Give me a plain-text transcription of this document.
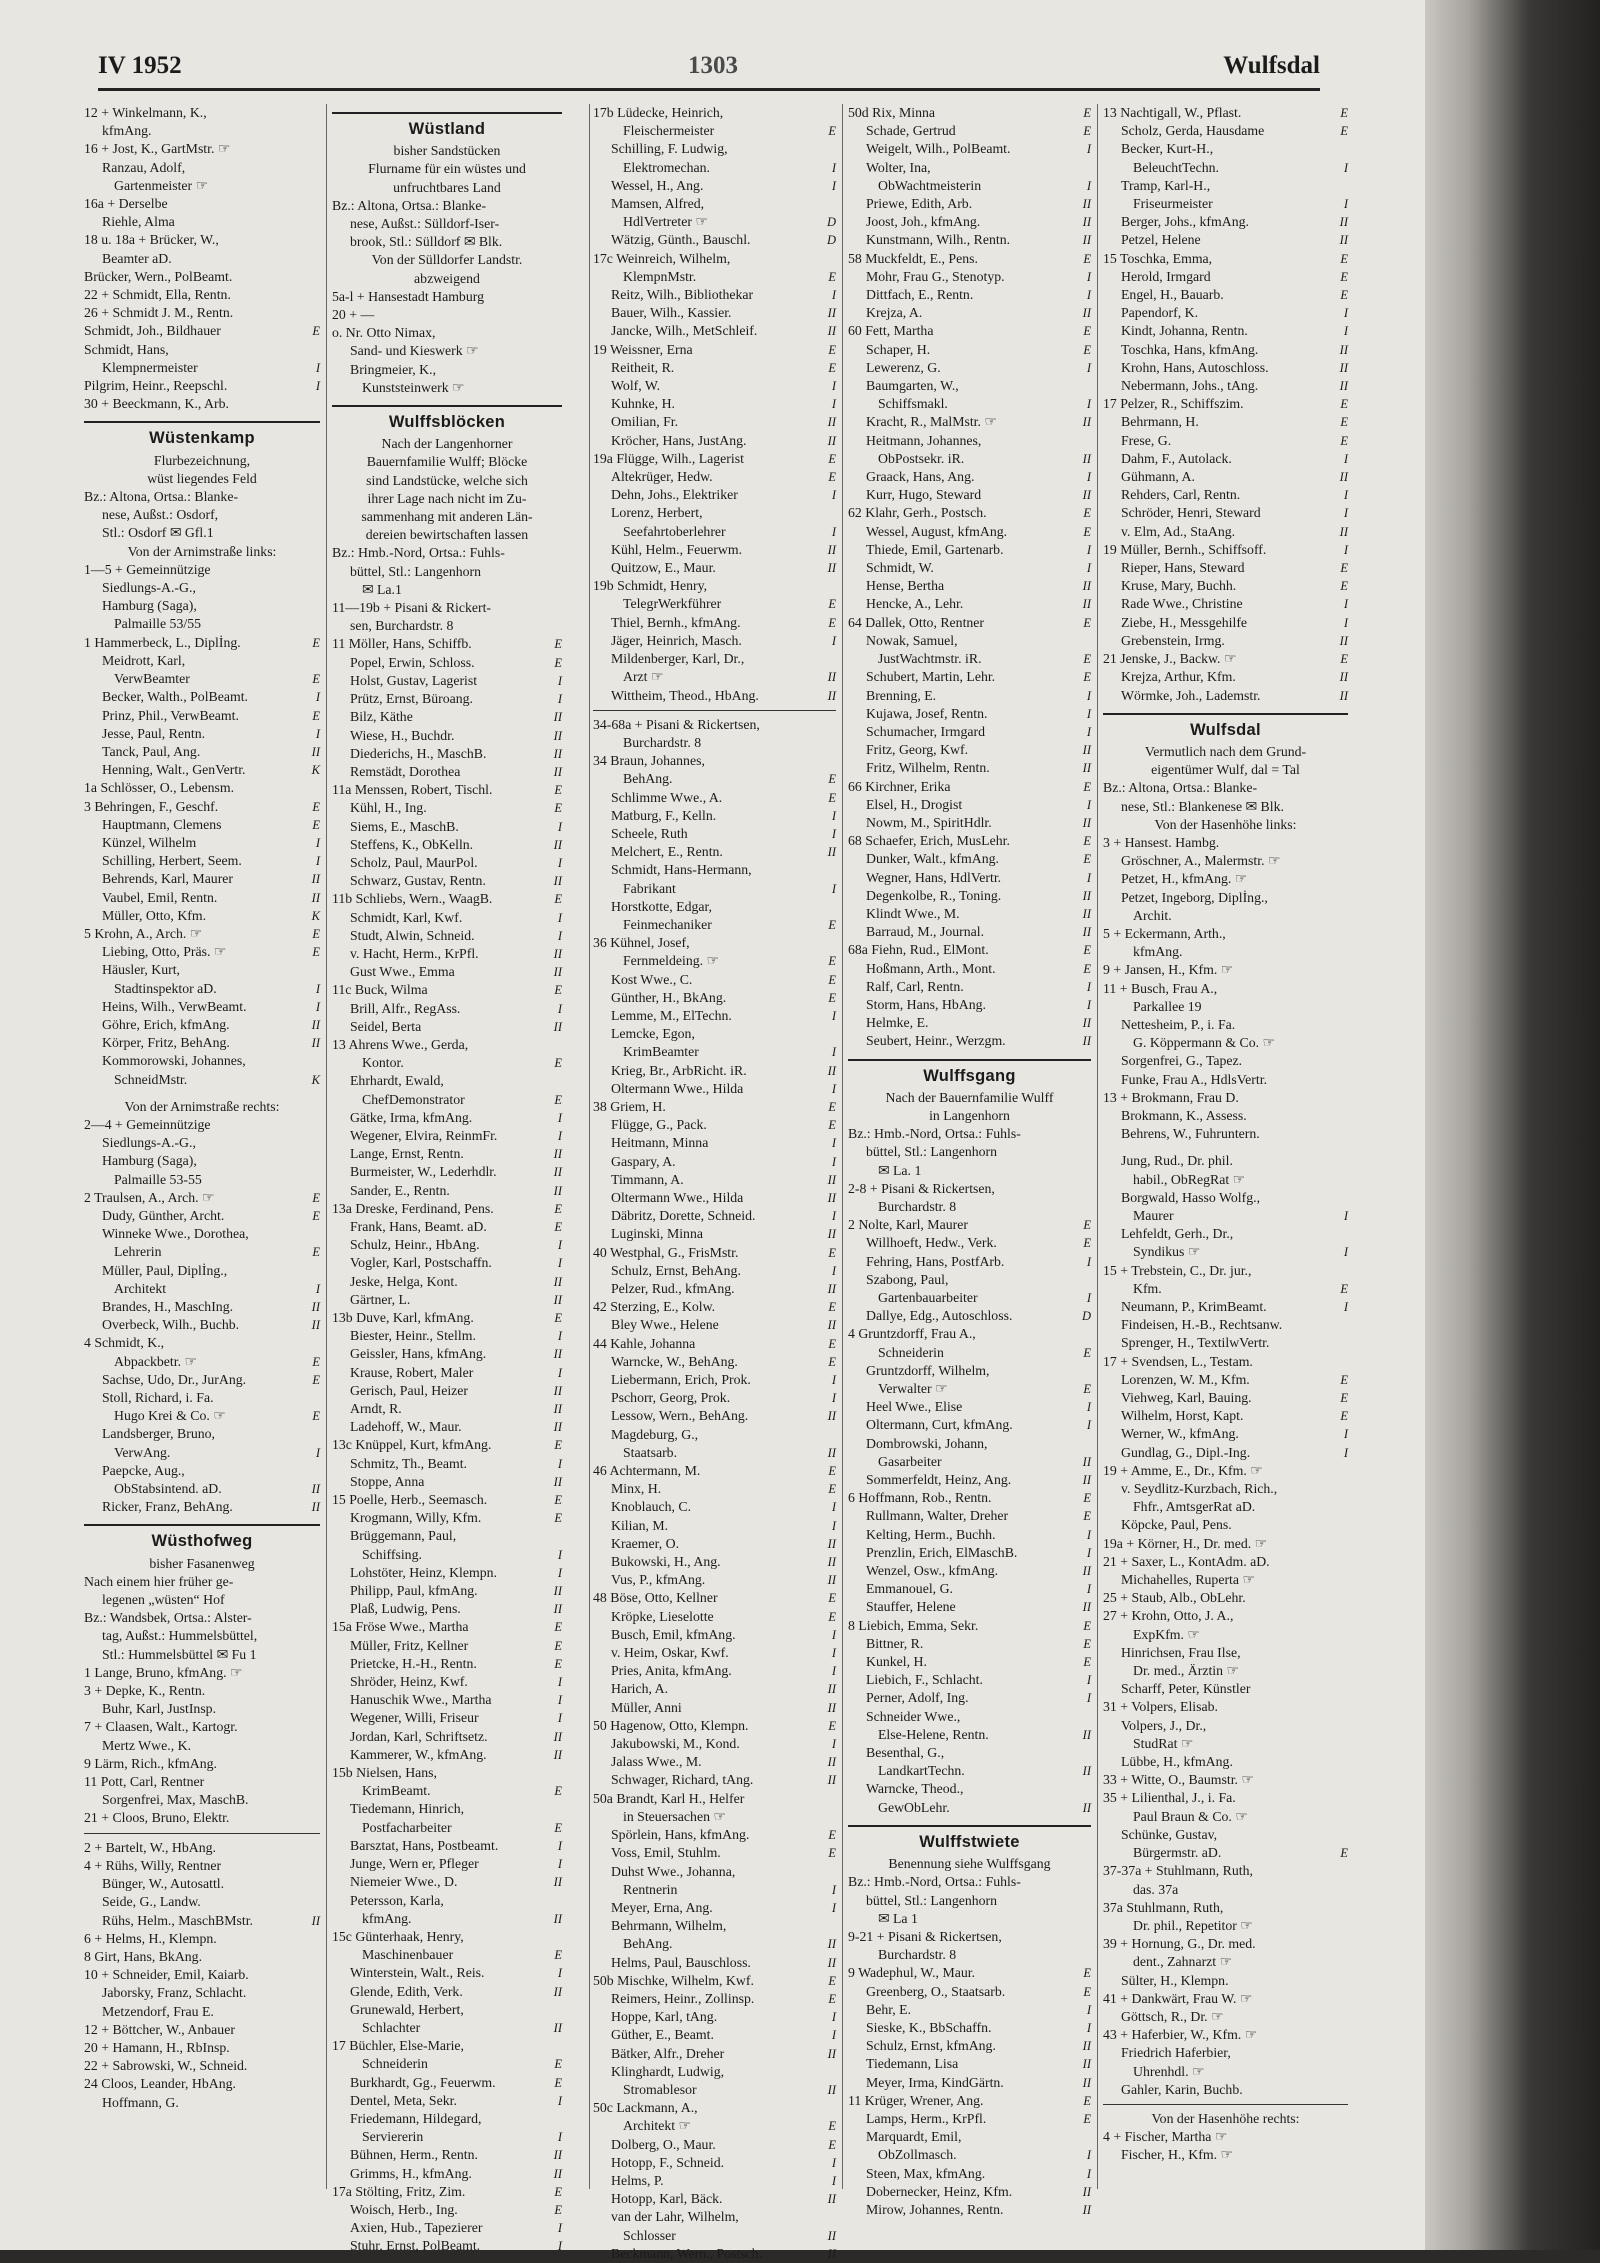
IV 1952	1303	Wulfsdal
12 + Winkelmann, K.,
kfmAng.
16 + Jost, K., GartMstr. ☞
Ranzau, Adolf,
Gartenmeister ☞
16a + Derselbe
Riehle, Alma
18 u. 18a + Brücker, W.,
Beamter aD.
Brücker, Wern., PolBeamt.
22 + Schmidt, Ella, Rentn.
26 + Schmidt J. M., Rentn.
Schmidt, Joh., Bildhauer	E
Schmidt, Hans,
Klempnermeister	I
Pilgrim, Heinr., Reepschl.	I
30 + Beeckmann, K., Arb.
Wüstenkamp
Flurbezeichnung,
wüst liegendes Feld
Bz.: Altona, Ortsa.: Blanke-
nese, Außst.: Osdorf,
Stl.: Osdorf ✉ Gfl.1
Von der Arnimstraße links:
1—5 + Gemeinnützige
Siedlungs-A.-G.,
Hamburg (Saga),
Palmaille 53/55
1 Hammerbeck, L., Diplİng.	E
Meidrott, Karl,
VerwBeamter	E
Becker, Walth., PolBeamt.	I
Prinz, Phil., VerwBeamt.	E
Jesse, Paul, Rentn.	I
Tanck, Paul, Ang.	II
Henning, Walt., GenVertr.	K
1a Schlösser, O., Lebensm.
3 Behringen, F., Geschf.	E
Hauptmann, Clemens	E
Künzel, Wilhelm	I
Schilling, Herbert, Seem.	I
Behrends, Karl, Maurer	II
Vaubel, Emil, Rentn.	II
Müller, Otto, Kfm.	K
5 Krohn, A., Arch. ☞	E
Liebing, Otto, Präs. ☞	E
Häusler, Kurt,
Stadtinspektor aD.	I
Heins, Wilh., VerwBeamt.	I
Göhre, Erich, kfmAng.	II
Körper, Fritz, BehAng.	II
Kommorowski, Johannes,
SchneidMstr.	K
Von der Arnimstraße rechts:
2—4 + Gemeinnützige
Siedlungs-A.-G.,
Hamburg (Saga),
Palmaille 53-55
2 Traulsen, A., Arch. ☞	E
Dudy, Günther, Archt.	E
Winneke Wwe., Dorothea,
Lehrerin	E
Müller, Paul, Diplİng.,
Architekt	I
Brandes, H., MaschIng.	II
Overbeck, Wilh., Buchb.	II
4 Schmidt, K.,
Abpackbetr. ☞	E
Sachse, Udo, Dr., JurAng.	E
Stoll, Richard, i. Fa.
Hugo Krei & Co. ☞	E
Landsberger, Bruno,
VerwAng.	I
Paepcke, Aug.,
ObStabsintend. aD.	II
Ricker, Franz, BehAng.	II
Wüsthofweg
bisher Fasanenweg
Nach einem hier früher ge-
legenen „wüsten“ Hof
Bz.: Wandsbek, Ortsa.: Alster-
tag, Außst.: Hummelsbüttel,
Stl.: Hummelsbüttel ✉ Fu 1
1 Lange, Bruno, kfmAng. ☞
3 + Depke, K., Rentn.
Buhr, Karl, JustInsp.
7 + Claasen, Walt., Kartogr.
Mertz Wwe., K.
9 Lärm, Rich., kfmAng.
11 Pott, Carl, Rentner
Sorgenfrei, Max, MaschB.
21 + Cloos, Bruno, Elektr.
2 + Bartelt, W., HbAng.
4 + Rühs, Willy, Rentner
Bünger, W., Autosattl.
Seide, G., Landw.
Rühs, Helm., MaschBMstr.	II
6 + Helms, H., Klempn.
8 Girt, Hans, BkAng.
10 + Schneider, Emil, Kaiarb.
Jaborsky, Franz, Schlacht.
Metzendorf, Frau E.
12 + Böttcher, W., Anbauer
20 + Hamann, H., RbInsp.
22 + Sabrowski, W., Schneid.
24 Cloos, Leander, HbAng.
Hoffmann, G.
Wüstland
bisher Sandstücken
Flurname für ein wüstes und
unfruchtbares Land
Bz.: Altona, Ortsa.: Blanke-
nese, Außst.: Sülldorf-Iser-
brook, Stl.: Sülldorf ✉ Blk.
Von der Sülldorfer Landstr.
abzweigend
5a-l + Hansestadt Hamburg
20 + —
o. Nr. Otto Nimax,
Sand- und Kieswerk ☞
Bringmeier, K.,
Kunststeinwerk ☞
Wulffsblöcken
Nach der Langenhorner
Bauernfamilie Wulff; Blöcke
sind Landstücke, welche sich
ihrer Lage nach nicht im Zu-
sammenhang mit anderen Län-
dereien bewirtschaften lassen
Bz.: Hmb.-Nord, Ortsa.: Fuhls-
büttel, Stl.: Langenhorn
✉ La.1
11—19b + Pisani & Rickert-
sen, Burchardstr. 8
11 Möller, Hans, Schiffb.	E
Popel, Erwin, Schloss.	E
Holst, Gustav, Lagerist	I
Prütz, Ernst, Büroang.	I
Bilz, Käthe	II
Wiese, H., Buchdr.	II
Diederichs, H., MaschB.	II
Remstädt, Dorothea	II
11a Menssen, Robert, Tischl.	E
Kühl, H., Ing.	E
Siems, E., MaschB.	I
Steffens, K., ObKelln.	II
Scholz, Paul, MaurPol.	I
Schwarz, Gustav, Rentn.	II
11b Schliebs, Wern., WaagB.	E
Schmidt, Karl, Kwf.	I
Studt, Alwin, Schneid.	I
v. Hacht, Herm., KrPfl.	II
Gust Wwe., Emma	II
11c Buck, Wilma	E
Brill, Alfr., RegAss.	I
Seidel, Berta	II
13 Ahrens Wwe., Gerda,
Kontor.	E
Ehrhardt, Ewald,
ChefDemonstrator	E
Gätke, Irma, kfmAng.	I
Wegener, Elvira, ReinmFr.	I
Lange, Ernst, Rentn.	II
Burmeister, W., Lederhdlr.	II
Sander, E., Rentn.	II
13a Dreske, Ferdinand, Pens.	E
Frank, Hans, Beamt. aD.	E
Schulz, Heinr., HbAng.	I
Vogler, Karl, Postschaffn.	I
Jeske, Helga, Kont.	II
Gärtner, L.	II
13b Duve, Karl, kfmAng.	E
Biester, Heinr., Stellm.	I
Geissler, Hans, kfmAng.	II
Krause, Robert, Maler	I
Gerisch, Paul, Heizer	II
Arndt, R.	II
Ladehoff, W., Maur.	II
13c Knüppel, Kurt, kfmAng.	E
Schmitz, Th., Beamt.	I
Stoppe, Anna	II
15 Poelle, Herb., Seemasch.	E
Krogmann, Willy, Kfm.	E
Brüggemann, Paul,
Schiffsing.	I
Lohstöter, Heinz, Klempn.	I
Philipp, Paul, kfmAng.	II
Plaß, Ludwig, Pens.	II
15a Fröse Wwe., Martha	E
Müller, Fritz, Kellner	E
Prietcke, H.-H., Rentn.	E
Shröder, Heinz, Kwf.	I
Hanuschik Wwe., Martha	I
Wegener, Willi, Friseur	I
Jordan, Karl, Schriftsetz.	II
Kammerer, W., kfmAng.	II
15b Nielsen, Hans,
KrimBeamt.	E
Tiedemann, Hinrich,
Postfacharbeiter	E
Barsztat, Hans, Postbeamt.	I
Junge, Wern er, Pfleger	I
Niemeier Wwe., D.	II
Petersson, Karla,
kfmAng.	II
15c Günterhaak, Henry,
Maschinenbauer	E
Winterstein, Walt., Reis.	I
Glende, Edith, Verk.	II
Grunewald, Herbert,
Schlachter	II
17 Büchler, Else-Marie,
Schneiderin	E
Burkhardt, Gg., Feuerwm.	E
Dentel, Meta, Sekr.	I
Friedemann, Hildegard,
Serviererin	I
Bühnen, Herm., Rentn.	II
Grimms, H., kfmAng.	II
17a Stölting, Fritz, Zim.	E
Woisch, Herb., Ing.	E
Axien, Hub., Tapezierer	I
Stuhr, Ernst, PolBeamt.	I
17b Lüdecke, Heinrich,
Fleischermeister	E
Schilling, F. Ludwig,
Elektromechan.	I
Wessel, H., Ang.	I
Mamsen, Alfred,
HdlVertreter ☞	D
Wätzig, Günth., Bauschl.	D
17c Weinreich, Wilhelm,
KlempnMstr.	E
Reitz, Wilh., Bibliothekar	I
Bauer, Wilh., Kassier.	II
Jancke, Wilh., MetSchleif.	II
19 Weissner, Erna	E
Reitheit, R.	E
Wolf, W.	I
Kuhnke, H.	I
Omilian, Fr.	II
Kröcher, Hans, JustAng.	II
19a Flügge, Wilh., Lagerist	E
Altekrüger, Hedw.	E
Dehn, Johs., Elektriker	I
Lorenz, Herbert,
Seefahrtoberlehrer	I
Kühl, Helm., Feuerwm.	II
Quitzow, E., Maur.	II
19b Schmidt, Henry,
TelegrWerkführer	E
Thiel, Bernh., kfmAng.	E
Jäger, Heinrich, Masch.	I
Mildenberger, Karl, Dr.,
Arzt ☞	II
Wittheim, Theod., HbAng.	II
34-68a + Pisani & Rickertsen,
Burchardstr. 8
34 Braun, Johannes,
BehAng.	E
Schlimme Wwe., A.	E
Matburg, F., Kelln.	I
Scheele, Ruth	I
Melchert, E., Rentn.	II
Schmidt, Hans-Hermann,
Fabrikant	I
Horstkotte, Edgar,
Feinmechaniker	E
36 Kühnel, Josef,
Fernmeldeing. ☞	E
Kost Wwe., C.	E
Günther, H., BkAng.	E
Lemme, M., ElTechn.	I
Lemcke, Egon,
KrimBeamter	I
Krieg, Br., ArbRicht. iR.	II
Oltermann Wwe., Hilda	I
38 Griem, H.	E
Flügge, G., Pack.	E
Heitmann, Minna	I
Gaspary, A.	I
Timmann, A.	II
Oltermann Wwe., Hilda	II
Däbritz, Dorette, Schneid.	I
Luginski, Minna	II
40 Westphal, G., FrisMstr.	E
Schulz, Ernst, BehAng.	I
Pelzer, Rud., kfmAng.	II
42 Sterzing, E., Kolw.	E
Bley Wwe., Helene	II
44 Kahle, Johanna	E
Warncke, W., BehAng.	E
Liebermann, Erich, Prok.	I
Pschorr, Georg, Prok.	I
Lessow, Wern., BehAng.	II
Magdeburg, G.,
Staatsarb.	II
46 Achtermann, M.	E
Minx, H.	E
Knoblauch, C.	I
Kilian, M.	I
Kraemer, O.	II
Bukowski, H., Ang.	II
Vus, P., kfmAng.	II
48 Böse, Otto, Kellner	E
Kröpke, Lieselotte	E
Busch, Emil, kfmAng.	I
v. Heim, Oskar, Kwf.	I
Pries, Anita, kfmAng.	I
Harich, A.	II
Müller, Anni	II
50 Hagenow, Otto, Klempn.	E
Jakubowski, M., Kond.	I
Jalass Wwe., M.	II
Schwager, Richard, tAng.	II
50a Brandt, Karl H., Helfer
in Steuersachen ☞
Spörlein, Hans, kfmAng.	E
Voss, Emil, Stuhlm.	E
Duhst Wwe., Johanna,
Rentnerin	I
Meyer, Erna, Ang.	I
Behrmann, Wilhelm,
BehAng.	II
Helms, Paul, Bauschloss.	II
50b Mischke, Wilhelm, Kwf.	E
Reimers, Heinr., Zollinsp.	E
Hoppe, Karl, tAng.	I
Güther, E., Beamt.	I
Bätker, Alfr., Dreher	II
Klinghardt, Ludwig,
Stromablesor	II
50c Lackmann, A.,
Architekt ☞	E
Dolberg, O., Maur.	E
Hotopp, F., Schneid.	I
Helms, P.	I
Hotopp, Karl, Bäck.	II
van der Lahr, Wilhelm,
Schlosser	II
Beckmann, Wern., Postsch.	II
50d Rix, Minna	E
Schade, Gertrud	E
Weigelt, Wilh., PolBeamt.	I
Wolter, Ina,
ObWachtmeisterin	I
Priewe, Edith, Arb.	II
Joost, Joh., kfmAng.	II
Kunstmann, Wilh., Rentn.	II
58 Muckfeldt, E., Pens.	E
Mohr, Frau G., Stenotyp.	I
Dittfach, E., Rentn.	I
Krejza, A.	II
60 Fett, Martha	E
Schaper, H.	E
Lewerenz, G.	I
Baumgarten, W.,
Schiffsmakl.	I
Kracht, R., MalMstr. ☞	II
Heitmann, Johannes,
ObPostsekr. iR.	II
Graack, Hans, Ang.	I
Kurr, Hugo, Steward	II
62 Klahr, Gerh., Postsch.	E
Wessel, August, kfmAng.	E
Thiede, Emil, Gartenarb.	I
Schmidt, W.	I
Hense, Bertha	II
Hencke, A., Lehr.	II
64 Dallek, Otto, Rentner	E
Nowak, Samuel,
JustWachtmstr. iR.	E
Schubert, Martin, Lehr.	E
Brenning, E.	I
Kujawa, Josef, Rentn.	I
Schumacher, Irmgard	I
Fritz, Georg, Kwf.	II
Fritz, Wilhelm, Rentn.	II
66 Kirchner, Erika	E
Elsel, H., Drogist	I
Nowm, M., SpiritHdlr.	II
68 Schaefer, Erich, MusLehr.	E
Dunker, Walt., kfmAng.	E
Wegner, Hans, HdlVertr.	I
Degenkolbe, R., Toning.	II
Klindt Wwe., M.	II
Barraud, M., Journal.	II
68a Fiehn, Rud., ElMont.	E
Hoßmann, Arth., Mont.	E
Ralf, Carl, Rentn.	I
Storm, Hans, HbAng.	I
Helmke, E.	II
Seubert, Heinr., Werzgm.	II
Wulffsgang
Nach der Bauernfamilie Wulff
in Langenhorn
Bz.: Hmb.-Nord, Ortsa.: Fuhls-
büttel, Stl.: Langenhorn
✉ La. 1
2-8 + Pisani & Rickertsen,
Burchardstr. 8
2 Nolte, Karl, Maurer	E
Willhoeft, Hedw., Verk.	E
Fehring, Hans, PostfArb.	I
Szabong, Paul,
Gartenbauarbeiter	I
Dallye, Edg., Autoschloss.	D
4 Gruntzdorff, Frau A.,
Schneiderin	E
Gruntzdorff, Wilhelm,
Verwalter ☞	E
Heel Wwe., Elise	I
Oltermann, Curt, kfmAng.	I
Dombrowski, Johann,
Gasarbeiter	II
Sommerfeldt, Heinz, Ang.	II
6 Hoffmann, Rob., Rentn.	E
Rullmann, Walter, Dreher	E
Kelting, Herm., Buchh.	I
Prenzlin, Erich, ElMaschB.	I
Wenzel, Osw., kfmAng.	II
Emmanouel, G.	I
Stauffer, Helene	II
8 Liebich, Emma, Sekr.	E
Bittner, R.	E
Kunkel, H.	E
Liebich, F., Schlacht.	I
Perner, Adolf, Ing.	I
Schneider Wwe.,
Else-Helene, Rentn.	II
Besenthal, G.,
LandkartTechn.	II
Warncke, Theod.,
GewObLehr.	II
Wulffstwiete
Benennung siehe Wulffsgang
Bz.: Hmb.-Nord, Ortsa.: Fuhls-
büttel, Stl.: Langenhorn
✉ La 1
9-21 + Pisani & Rickertsen,
Burchardstr. 8
9 Wadephul, W., Maur.	E
Greenberg, O., Staatsarb.	E
Behr, E.	I
Sieske, K., BbSchaffn.	I
Schulz, Ernst, kfmAng.	II
Tiedemann, Lisa	II
Meyer, Irma, KindGärtn.	II
11 Krüger, Wrener, Ang.	E
Lamps, Herm., KrPfl.	E
Marquardt, Emil,
ObZollmasch.	I
Steen, Max, kfmAng.	I
Dobernecker, Heinz, Kfm.	II
Mirow, Johannes, Rentn.	II
13 Nachtigall, W., Pflast.	E
Scholz, Gerda, Hausdame	E
Becker, Kurt-H.,
BeleuchtTechn.	I
Tramp, Karl-H.,
Friseurmeister	I
Berger, Johs., kfmAng.	II
Petzel, Helene	II
15 Toschka, Emma,	E
Herold, Irmgard	E
Engel, H., Bauarb.	E
Papendorf, K.	I
Kindt, Johanna, Rentn.	I
Toschka, Hans, kfmAng.	II
Krohn, Hans, Autoschloss.	II
Nebermann, Johs., tAng.	II
17 Pelzer, R., Schiffszim.	E
Behrmann, H.	E
Frese, G.	E
Dahm, F., Autolack.	I
Gühmann, A.	II
Rehders, Carl, Rentn.	I
Schröder, Henri, Steward	I
v. Elm, Ad., StaAng.	II
19 Müller, Bernh., Schiffsoff.	I
Rieper, Hans, Steward	E
Kruse, Mary, Buchh.	E
Rade Wwe., Christine	I
Ziebe, H., Messgehilfe	I
Grebenstein, Irmg.	II
21 Jenske, J., Backw. ☞	E
Krejza, Arthur, Kfm.	II
Wörmke, Joh., Lademstr.	II
Wulfsdal
Vermutlich nach dem Grund-
eigentümer Wulf, dal = Tal
Bz.: Altona, Ortsa.: Blanke-
nese, Stl.: Blankenese ✉ Blk.
Von der Hasenhöhe links:
3 + Hansest. Hambg.
Gröschner, A., Malermstr. ☞
Petzet, H., kfmAng. ☞
Petzet, Ingeborg, Diplİng.,
Archit.
5 + Eckermann, Arth.,
kfmAng.
9 + Jansen, H., Kfm. ☞
11 + Busch, Frau A.,
Parkallee 19
Nettesheim, P., i. Fa.
G. Köppermann & Co. ☞
Sorgenfrei, G., Tapez.
Funke, Frau A., HdlsVertr.
13 + Brokmann, Frau D.
Brokmann, K., Assess.
Behrens, W., Fuhruntern.
Jung, Rud., Dr. phil.
habil., ObRegRat ☞
Borgwald, Hasso Wolfg.,
Maurer	I
Lehfeldt, Gerh., Dr.,
Syndikus ☞	I
15 + Trebstein, C., Dr. jur.,
Kfm.	E
Neumann, P., KrimBeamt.	I
Findeisen, H.-B., Rechtsanw.
Sprenger, H., TextilwVertr.
17 + Svendsen, L., Testam.
Lorenzen, W. M., Kfm.	E
Viehweg, Karl, Bauing.	E
Wilhelm, Horst, Kapt.	E
Werner, W., kfmAng.	I
Gundlag, G., Dipl.-Ing.	I
19 + Amme, E., Dr., Kfm. ☞
v. Seydlitz-Kurzbach, Rich.,
Fhfr., AmtsgerRat aD.
Köpcke, Paul, Pens.
19a + Körner, H., Dr. med. ☞
21 + Saxer, L., KontAdm. aD.
Michahelles, Ruperta ☞
25 + Staub, Alb., ObLehr.
27 + Krohn, Otto, J. A.,
ExpKfm. ☞
Hinrichsen, Frau Ilse,
Dr. med., Ärztin ☞
Scharff, Peter, Künstler
31 + Volpers, Elisab.
Volpers, J., Dr.,
StudRat ☞
Lübbe, H., kfmAng.
33 + Witte, O., Baumstr. ☞
35 + Lilienthal, J., i. Fa.
Paul Braun & Co. ☞
Schünke, Gustav,
Bürgermstr. aD.	E
37-37a + Stuhlmann, Ruth,
das. 37a
37a Stuhlmann, Ruth,
Dr. phil., Repetitor ☞
39 + Hornung, G., Dr. med.
dent., Zahnarzt ☞
Sülter, H., Klempn.
41 + Dankwärt, Frau W. ☞
Göttsch, R., Dr. ☞
43 + Haferbier, W., Kfm. ☞
Friedrich Haferbier,
Uhrenhdl. ☞
Gahler, Karin, Buchb.
Von der Hasenhöhe rechts:
4 + Fischer, Martha ☞
Fischer, H., Kfm. ☞
